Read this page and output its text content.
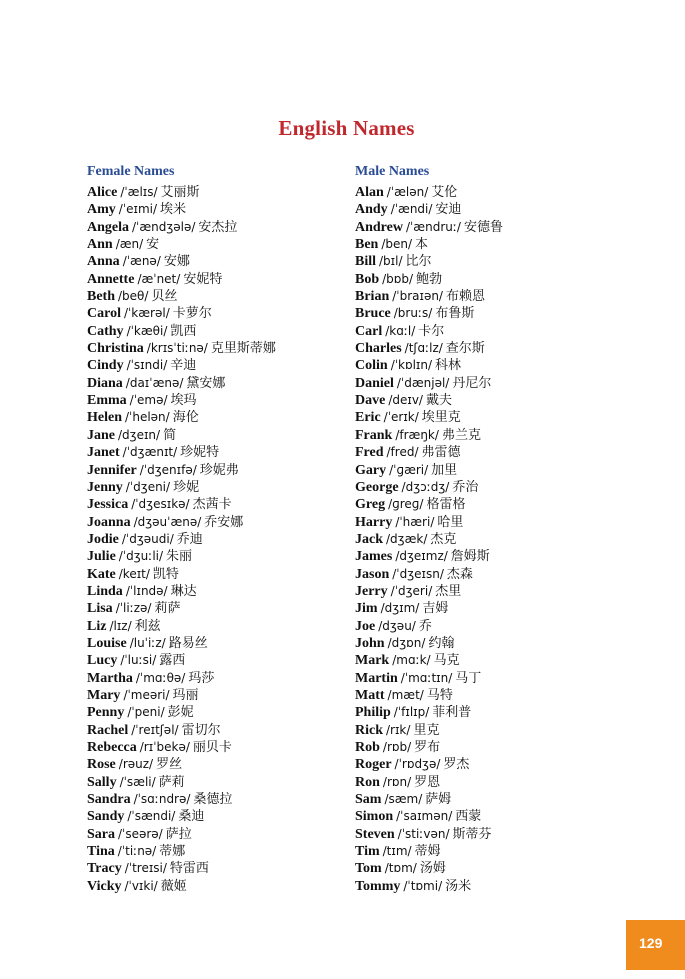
English Names
Female Names
Alice /ˈælɪs/ 艾丽斯
Amy /ˈeɪmi/ 埃米
Angela /ˈændʒələ/ 安杰拉
Ann /æn/ 安
Anna /ˈænə/ 安娜
Annette /æˈnet/ 安妮特
Beth /beθ/ 贝丝
Carol /ˈkærəl/ 卡萝尔
Cathy /ˈkæθi/ 凯西
Christina /krɪsˈtiːnə/ 克里斯蒂娜
Cindy /ˈsɪndi/ 辛迪
Diana /daɪˈænə/ 黛安娜
Emma /ˈemə/ 埃玛
Helen /ˈhelən/ 海伦
Jane /dʒeɪn/ 简
Janet /ˈdʒænɪt/ 珍妮特
Jennifer /ˈdʒenɪfə/ 珍妮弗
Jenny /ˈdʒeni/ 珍妮
Jessica /ˈdʒesɪkə/ 杰茜卡
Joanna /dʒəuˈænə/ 乔安娜
Jodie /ˈdʒəudi/ 乔迪
Julie /ˈdʒuːli/ 朱丽
Kate /keɪt/ 凯特
Linda /ˈlɪndə/ 琳达
Lisa /ˈliːzə/ 莉萨
Liz /lɪz/ 利兹
Louise /luˈiːz/ 路易丝
Lucy /ˈluːsi/ 露西
Martha /ˈmɑːθə/ 玛莎
Mary /ˈmeəri/ 玛丽
Penny /ˈpeni/ 彭妮
Rachel /ˈreɪtʃəl/ 雷切尔
Rebecca /rɪˈbekə/ 丽贝卡
Rose /rəuz/ 罗丝
Sally /ˈsæli/ 萨莉
Sandra /ˈsɑːndrə/ 桑德拉
Sandy /ˈsændi/ 桑迪
Sara /ˈseərə/ 萨拉
Tina /ˈtiːnə/ 蒂娜
Tracy /ˈtreɪsi/ 特雷西
Vicky /ˈvɪki/ 薇姬
Male Names
Alan /ˈælən/ 艾伦
Andy /ˈændi/ 安迪
Andrew /ˈændruː/ 安德鲁
Ben /ben/ 本
Bill /bɪl/ 比尔
Bob /bɒb/ 鲍勃
Brian /ˈbraɪən/ 布赖恩
Bruce /bruːs/ 布鲁斯
Carl /kɑːl/ 卡尔
Charles /tʃɑːlz/ 查尔斯
Colin /ˈkɒlɪn/ 科林
Daniel /ˈdænjəl/ 丹尼尔
Dave /deɪv/ 戴夫
Eric /ˈerɪk/ 埃里克
Frank /fræŋk/ 弗兰克
Fred /fred/ 弗雷德
Gary /ˈɡæri/ 加里
George /dʒɔːdʒ/ 乔治
Greg /ɡreɡ/ 格雷格
Harry /ˈhæri/ 哈里
Jack /dʒæk/ 杰克
James /dʒeɪmz/ 詹姆斯
Jason /ˈdʒeɪsn/ 杰森
Jerry /ˈdʒeri/ 杰里
Jim /dʒɪm/ 吉姆
Joe /dʒəu/ 乔
John /dʒɒn/ 约翰
Mark /mɑːk/ 马克
Martin /ˈmɑːtɪn/ 马丁
Matt /mæt/ 马特
Philip /ˈfɪlɪp/ 菲利普
Rick /rɪk/ 里克
Rob /rɒb/ 罗布
Roger /ˈrɒdʒə/ 罗杰
Ron /rɒn/ 罗恩
Sam /sæm/ 萨姆
Simon /ˈsaɪmən/ 西蒙
Steven /ˈstiːvən/ 斯蒂芬
Tim /tɪm/ 蒂姆
Tom /tɒm/ 汤姆
Tommy /ˈtɒmi/ 汤米
129
